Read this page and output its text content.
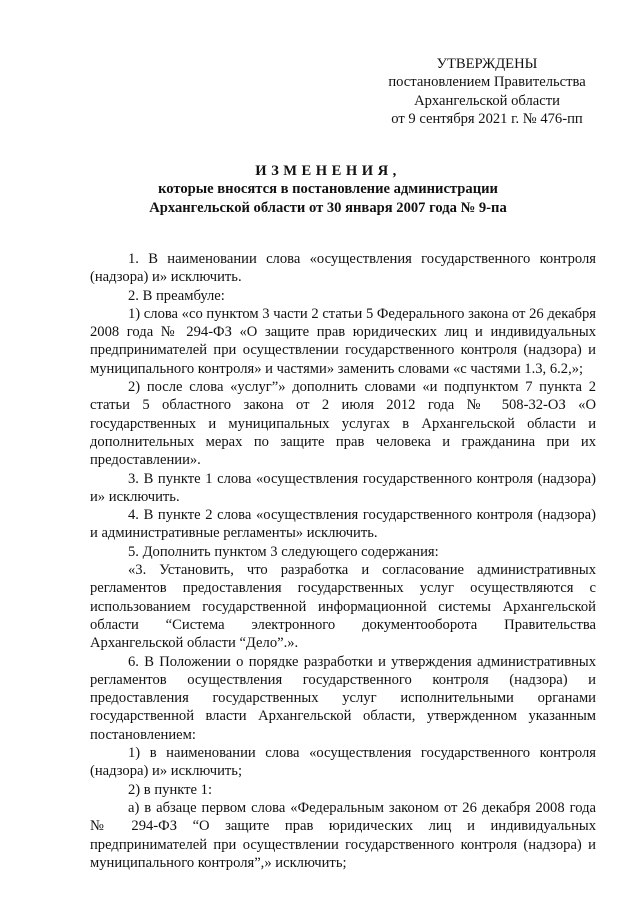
УТВЕРЖДЕНЫ
постановлением Правительства
Архангельской области
от 9 сентября 2021 г. № 476-пп
ИЗМЕНЕНИЯ,
которые вносятся в постановление администрации
Архангельской области от 30 января 2007 года № 9-па

1. В наименовании слова «осуществления государственного контроля (надзора) и» исключить.

2. В преамбуле:

1) слова «со пунктом 3 части 2 статьи 5 Федерального закона от 26 декабря 2008 года № 294-ФЗ «О защите прав юридических лиц и индивидуальных предпринимателей при осуществлении государственного контроля (надзора) и муниципального контроля» и частями» заменить словами «с частями 1.3, 6.2,»;

2) после слова «услуг”» дополнить словами «и подпунктом 7 пункта 2 статьи 5 областного закона от 2 июля 2012 года № 508-32-ОЗ «О государственных и муниципальных услугах в Архангельской области и дополнительных мерах по защите прав человека и гражданина при их предоставлении».

3. В пункте 1 слова «осуществления государственного контроля (надзора) и» исключить.

4. В пункте 2 слова «осуществления государственного контроля (надзора) и административные регламенты» исключить.

5. Дополнить пунктом 3 следующего содержания:

«3. Установить, что разработка и согласование административных регламентов предоставления государственных услуг осуществляются с использованием государственной информационной системы Архангельской области “Система электронного документооборота Правительства Архангельской области “Дело”.».

6. В Положении о порядке разработки и утверждения административных регламентов осуществления государственного контроля (надзора) и предоставления государственных услуг исполнительными органами государственной власти Архангельской области, утвержденном указанным постановлением:

1) в наименовании слова «осуществления государственного контроля (надзора) и» исключить;

2) в пункте 1:

а) в абзаце первом слова «Федеральным законом от 26 декабря 2008 года № 294-ФЗ “О защите прав юридических лиц и индивидуальных предпринимателей при осуществлении государственного контроля (надзора) и муниципального контроля”,» исключить;
